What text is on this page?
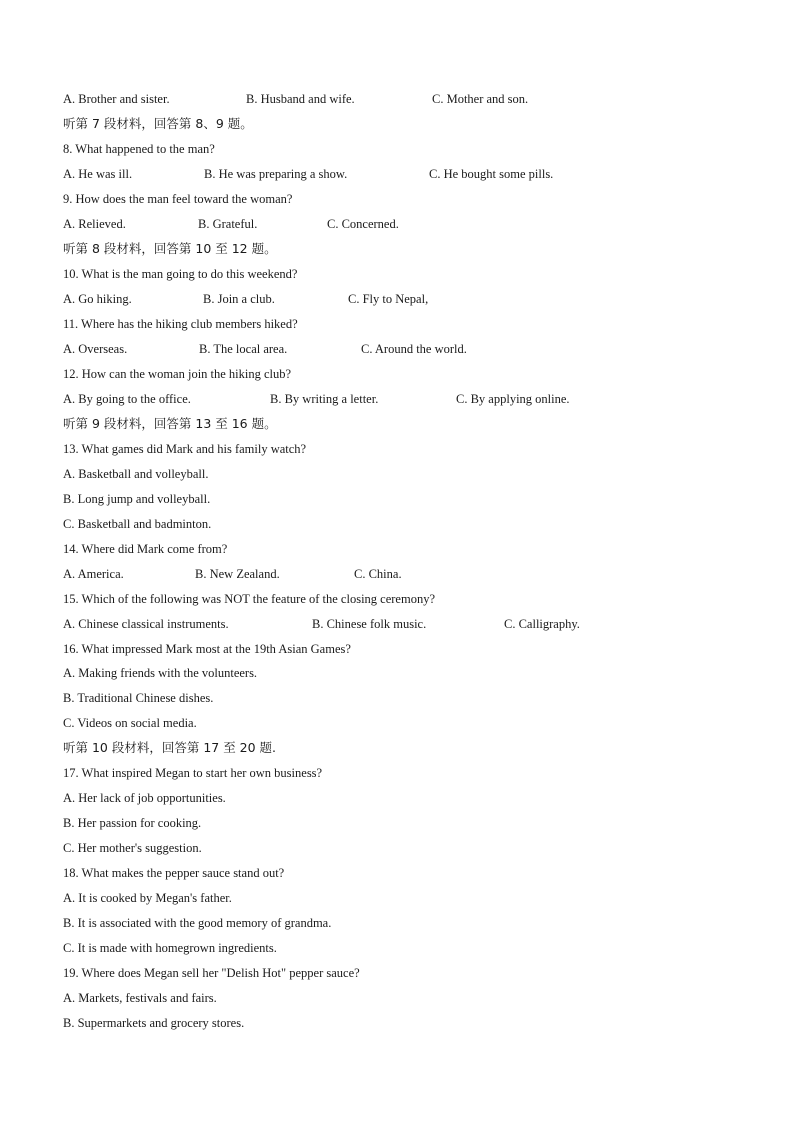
A. Brother and sister.	B. Husband and wife.	C. Mother and son.
听第 7 段材料，回答第 8、9 题。
8. What happened to the man?
A. He was ill.	B. He was preparing a show.	C. He bought some pills.
9. How does the man feel toward the woman?
A. Relieved.	B. Grateful.	C. Concerned.
听第 8 段材料，回答第 10 至 12 题。
10. What is the man going to do this weekend?
A. Go hiking.	B. Join a club.	C. Fly to Nepal,
11. Where has the hiking club members hiked?
A. Overseas.	B. The local area.	C. Around the world.
12. How can the woman join the hiking club?
A. By going to the office.	B. By writing a letter.	C. By applying online.
听第 9 段材料，回答第 13 至 16 题。
13. What games did Mark and his family watch?
A. Basketball and volleyball.
B. Long jump and volleyball.
C. Basketball and badminton.
14. Where did Mark come from?
A. America.	B. New Zealand.	C. China.
15. Which of the following was NOT the feature of the closing ceremony?
A. Chinese classical instruments.	B. Chinese folk music.	C. Calligraphy.
16. What impressed Mark most at the 19th Asian Games?
A. Making friends with the volunteers.
B. Traditional Chinese dishes.
C. Videos on social media.
听第 10 段材料，回答第 17 至 20 题.
17. What inspired Megan to start her own business?
A. Her lack of job opportunities.
B. Her passion for cooking.
C. Her mother's suggestion.
18. What makes the pepper sauce stand out?
A. It is cooked by Megan's father.
B. It is associated with the good memory of grandma.
C. It is made with homegrown ingredients.
19. Where does Megan sell her "Delish Hot" pepper sauce?
A. Markets, festivals and fairs.
B. Supermarkets and grocery stores.
